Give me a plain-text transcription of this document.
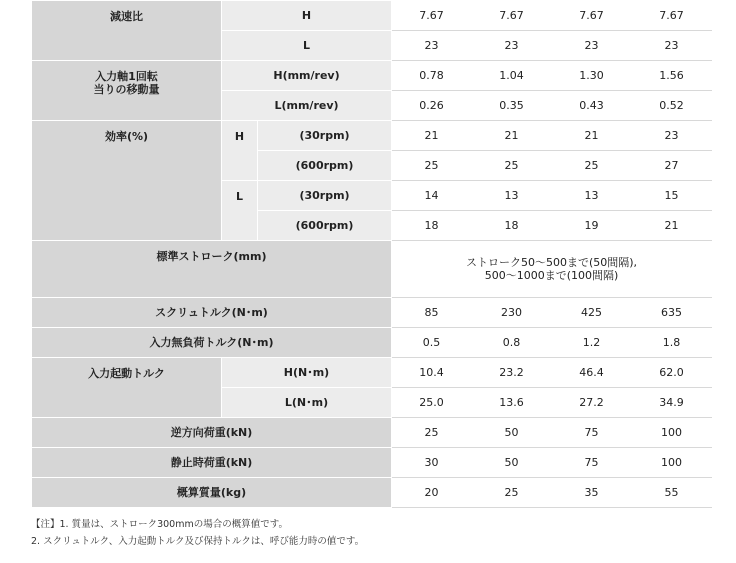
減速比	H		7.67	7.67	7.67	7.67
	L		23	23	23	23

入力軸1回転
当りの移動量	H(mm/rev)		0.78	1.04	1.30	1.56
	L(mm/rev)		0.26	0.35	0.43	0.52
効率(%)	H	(30rpm)	21	21	21	23
		(600rpm)	25	25	25	27
	L	(30rpm)	14	13	13	15
		(600rpm)	18	18	19	21
標準ストローク(mm)			ストローク50～500まで(50間隔),
500～1000まで(100間隔)			

スクリュトルク(N･m)			85	230	425	635
入力無負荷トルク(N･m)			0.5	0.8	1.2	1.8
入力起動トルク	H(N･m)		10.4	23.2	46.4	62.0
	L(N･m)		25.0	13.6	27.2	34.9
逆方向荷重(kN)			25	50	75	100
静止時荷重(kN)			30	50	75	100
概算質量(kg)			20	25	35	55
【注】1. 質量は、ストローク300mmの場合の概算値です。
2. スクリュトルク、入力起動トルク及び保持トルクは、呼び能力時の値です。
